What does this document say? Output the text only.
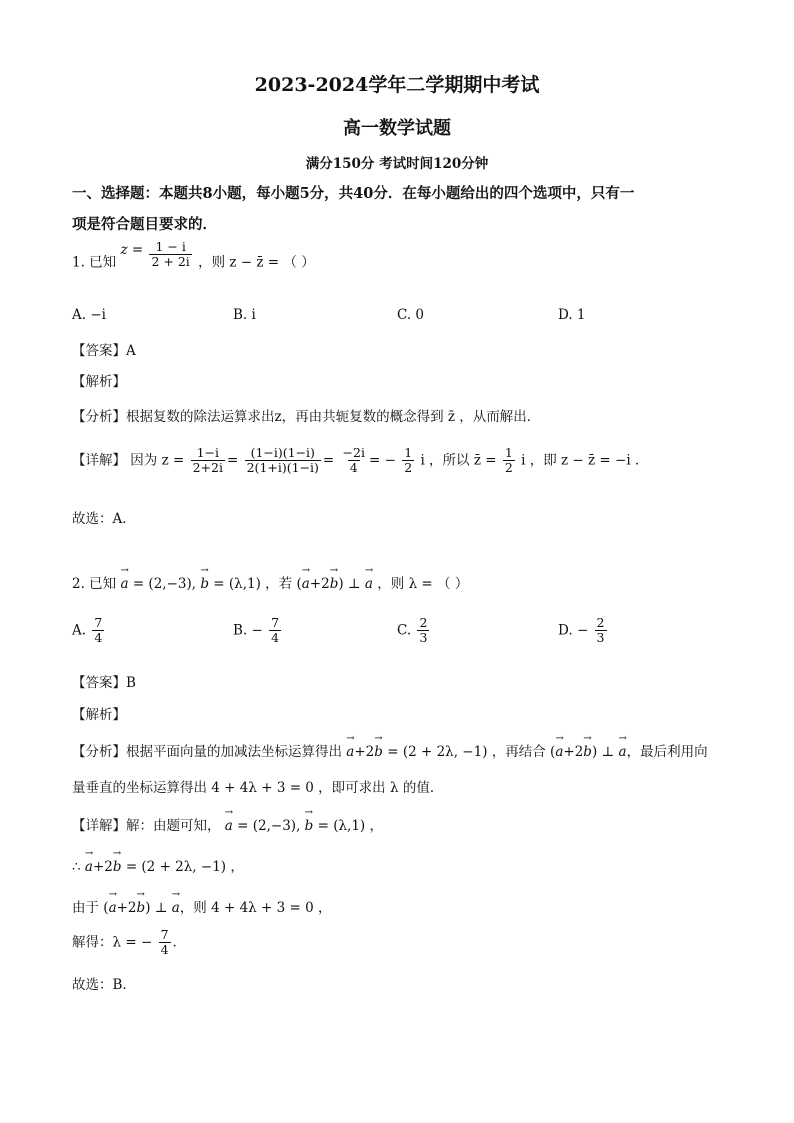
2023-2024学年二学期期中考试
高一数学试题
满分150分 考试时间120分钟
一、选择题：本题共8小题，每小题5分，共40分．在每小题给出的四个选项中，只有一
项是符合题目要求的．
1. 已知 $z = \frac{1 - i}{2 + 2i}$ ，则 z − z̄ = （ ）
A. −i	B. i	C. 0	D. 1
【答案】A
【解析】
【分析】根据复数的除法运算求出z，再由共轭复数的概念得到 z̄ ，从而解出．
【详解】 因为 $z = \frac{1-i}{2+2i} = \frac{(1-i)(1-i)}{2(1+i)(1-i)} = \frac{-2i}{4}$ = − $\frac{1}{2}$ i ，所以 z̄ = $\frac{1}{2}$ i ，即 z − z̄ = −i ．
故选：A．
2. 已知 → a = (2,−3), → b = (λ,1) ，若 (→ a+2→ b) ⊥ → a ，则 λ = （ ）
A. $\frac{7}{4}$	B. − $\frac{7}{4}$	C. $\frac{2}{3}$	D. − $\frac{2}{3}$
【答案】B
【解析】
【分析】根据平面向量的加减法坐标运算得出 → a+2→ b = (2 + 2λ, −1) ，再结合 (→ a+2→ b) ⊥ → a，最后利用向
量垂直的坐标运算得出 4 + 4λ + 3 = 0 ，即可求出 λ 的值．
【详解】解：由题可知， → a = (2,−3), → b = (λ,1) ，
∴ → a+2→ b = (2 + 2λ, −1) ，
由于 (→ a+2→ b) ⊥ → a，则 4 + 4λ + 3 = 0 ，
解得：λ = − $\frac{7}{4}$ ．
故选：B.
